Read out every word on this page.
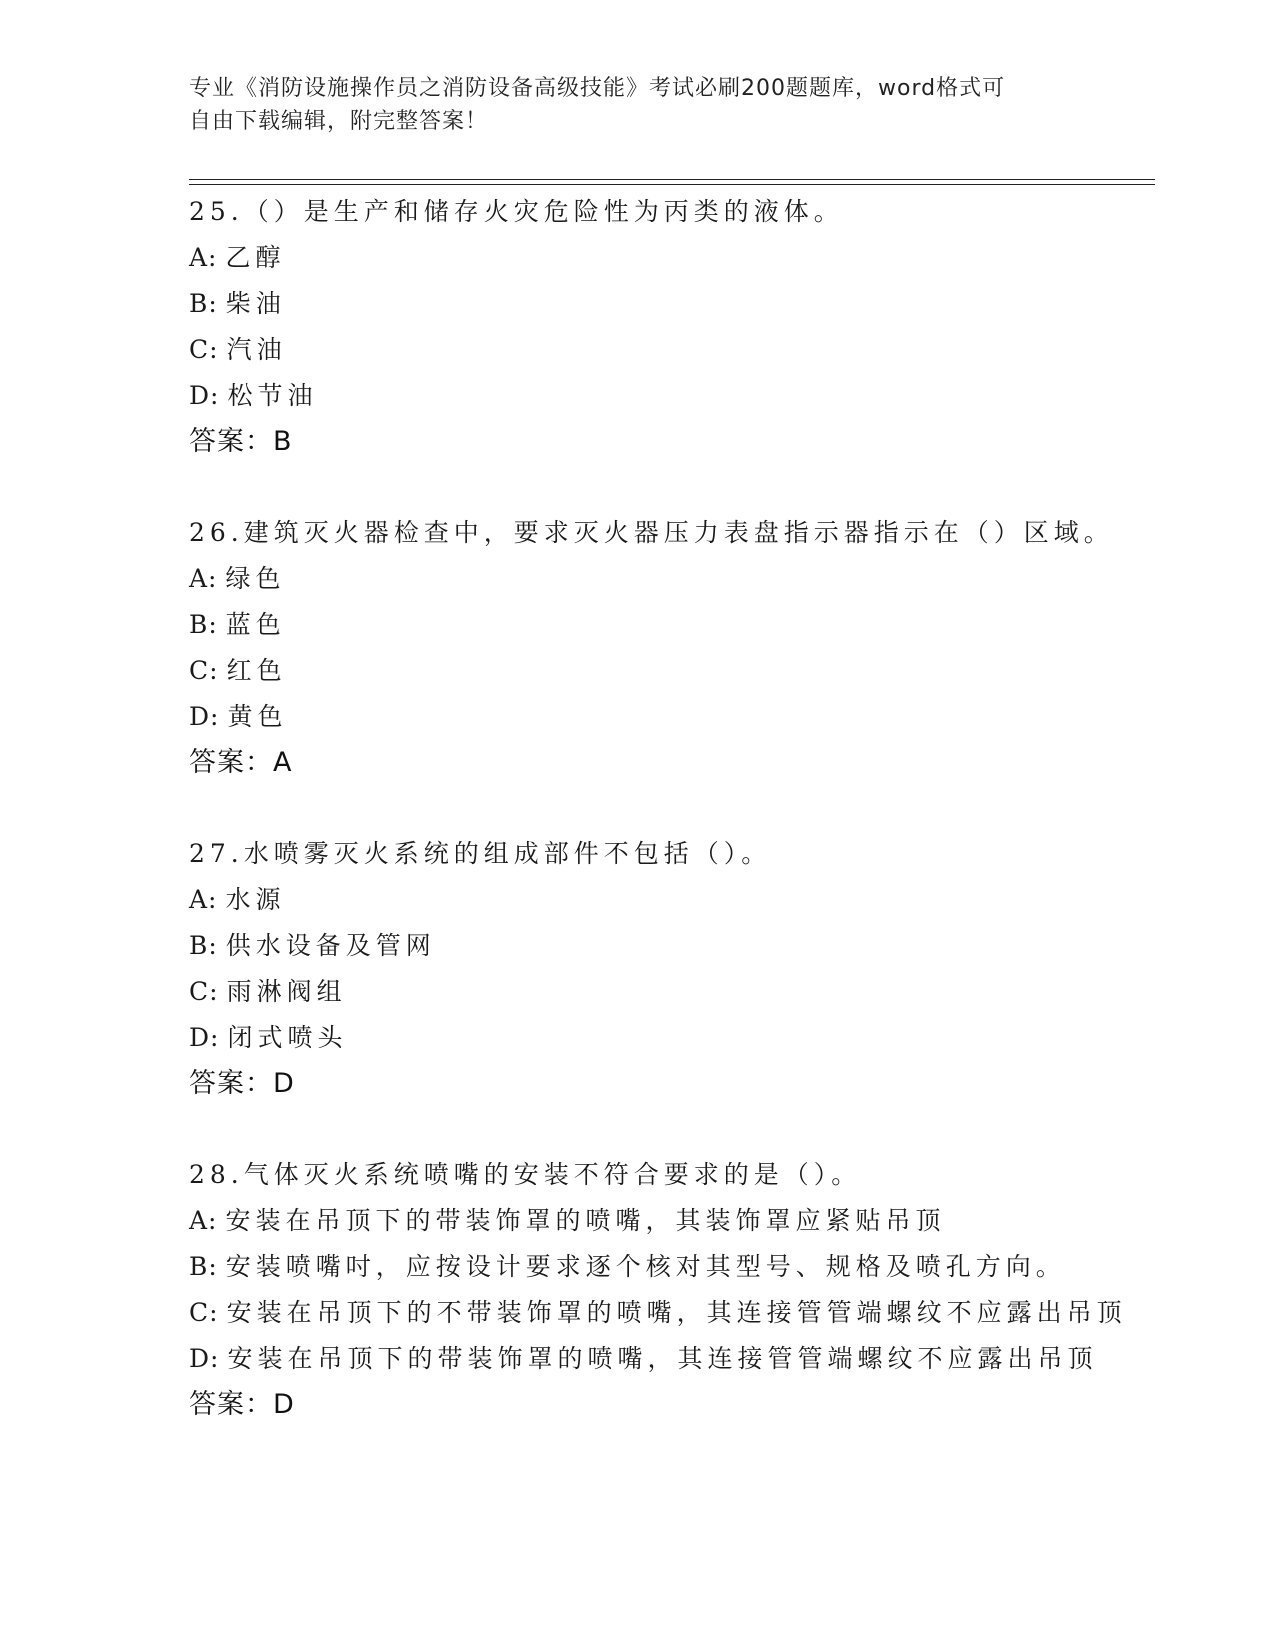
专业《消防设施操作员之消防设备高级技能》考试必刷200题题库，word格式可

自由下载编辑，附完整答案！

25.（）是生产和储存火灾危险性为丙类的液体。

A: 乙醇

B: 柴油

C: 汽油

D: 松节油

答案：B

26.建筑灭火器检查中，要求灭火器压力表盘指示器指示在（）区域。

A: 绿色

B: 蓝色

C: 红色

D: 黄色

答案：A

27.水喷雾灭火系统的组成部件不包括（）。

A: 水源

B: 供水设备及管网

C: 雨淋阀组

D: 闭式喷头

答案：D

28.气体灭火系统喷嘴的安装不符合要求的是（）。

A: 安装在吊顶下的带装饰罩的喷嘴，其装饰罩应紧贴吊顶

B: 安装喷嘴吋，应按设计要求逐个核对其型号、规格及喷孔方向。

C: 安装在吊顶下的不带装饰罩的喷嘴，其连接管管端螺纹不应露出吊顶

D: 安装在吊顶下的带装饰罩的喷嘴，其连接管管端螺纹不应露出吊顶

答案：D
